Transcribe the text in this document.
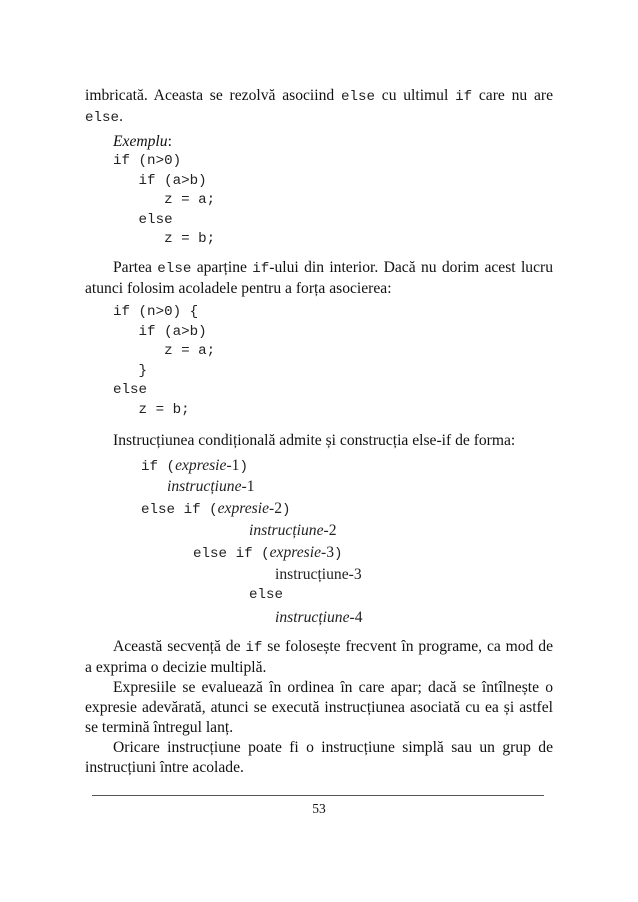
imbricată. Aceasta se rezolvă asociind else cu ultimul if care nu are else.

Exemplu:

if (n>0)
if (a>b)
z = a;
else
z = b;

Partea else aparține if-ului din interior. Dacă nu dorim acest lucru atunci folosim acoladele pentru a forța asocierea:

if (n>0) {
if (a>b)
z = a;
}
else
z = b;

Instrucțiunea condițională admite și construcția else-if de forma:

if (expresie-1)
instrucțiune-1
else if (expresie-2)
instrucțiune-2
else if (expresie-3)
instrucțiune-3
else
instrucțiune-4

Această secvență de if se folosește frecvent în programe, ca mod de a exprima o decizie multiplă.

Expresiile se evaluează în ordinea în care apar; dacă se întîlnește o expresie adevărată, atunci se execută instrucțiunea asociată cu ea și astfel se termină întregul lanț.

Oricare instrucțiune poate fi o instrucțiune simplă sau un grup de instrucțiuni între acolade.

53
